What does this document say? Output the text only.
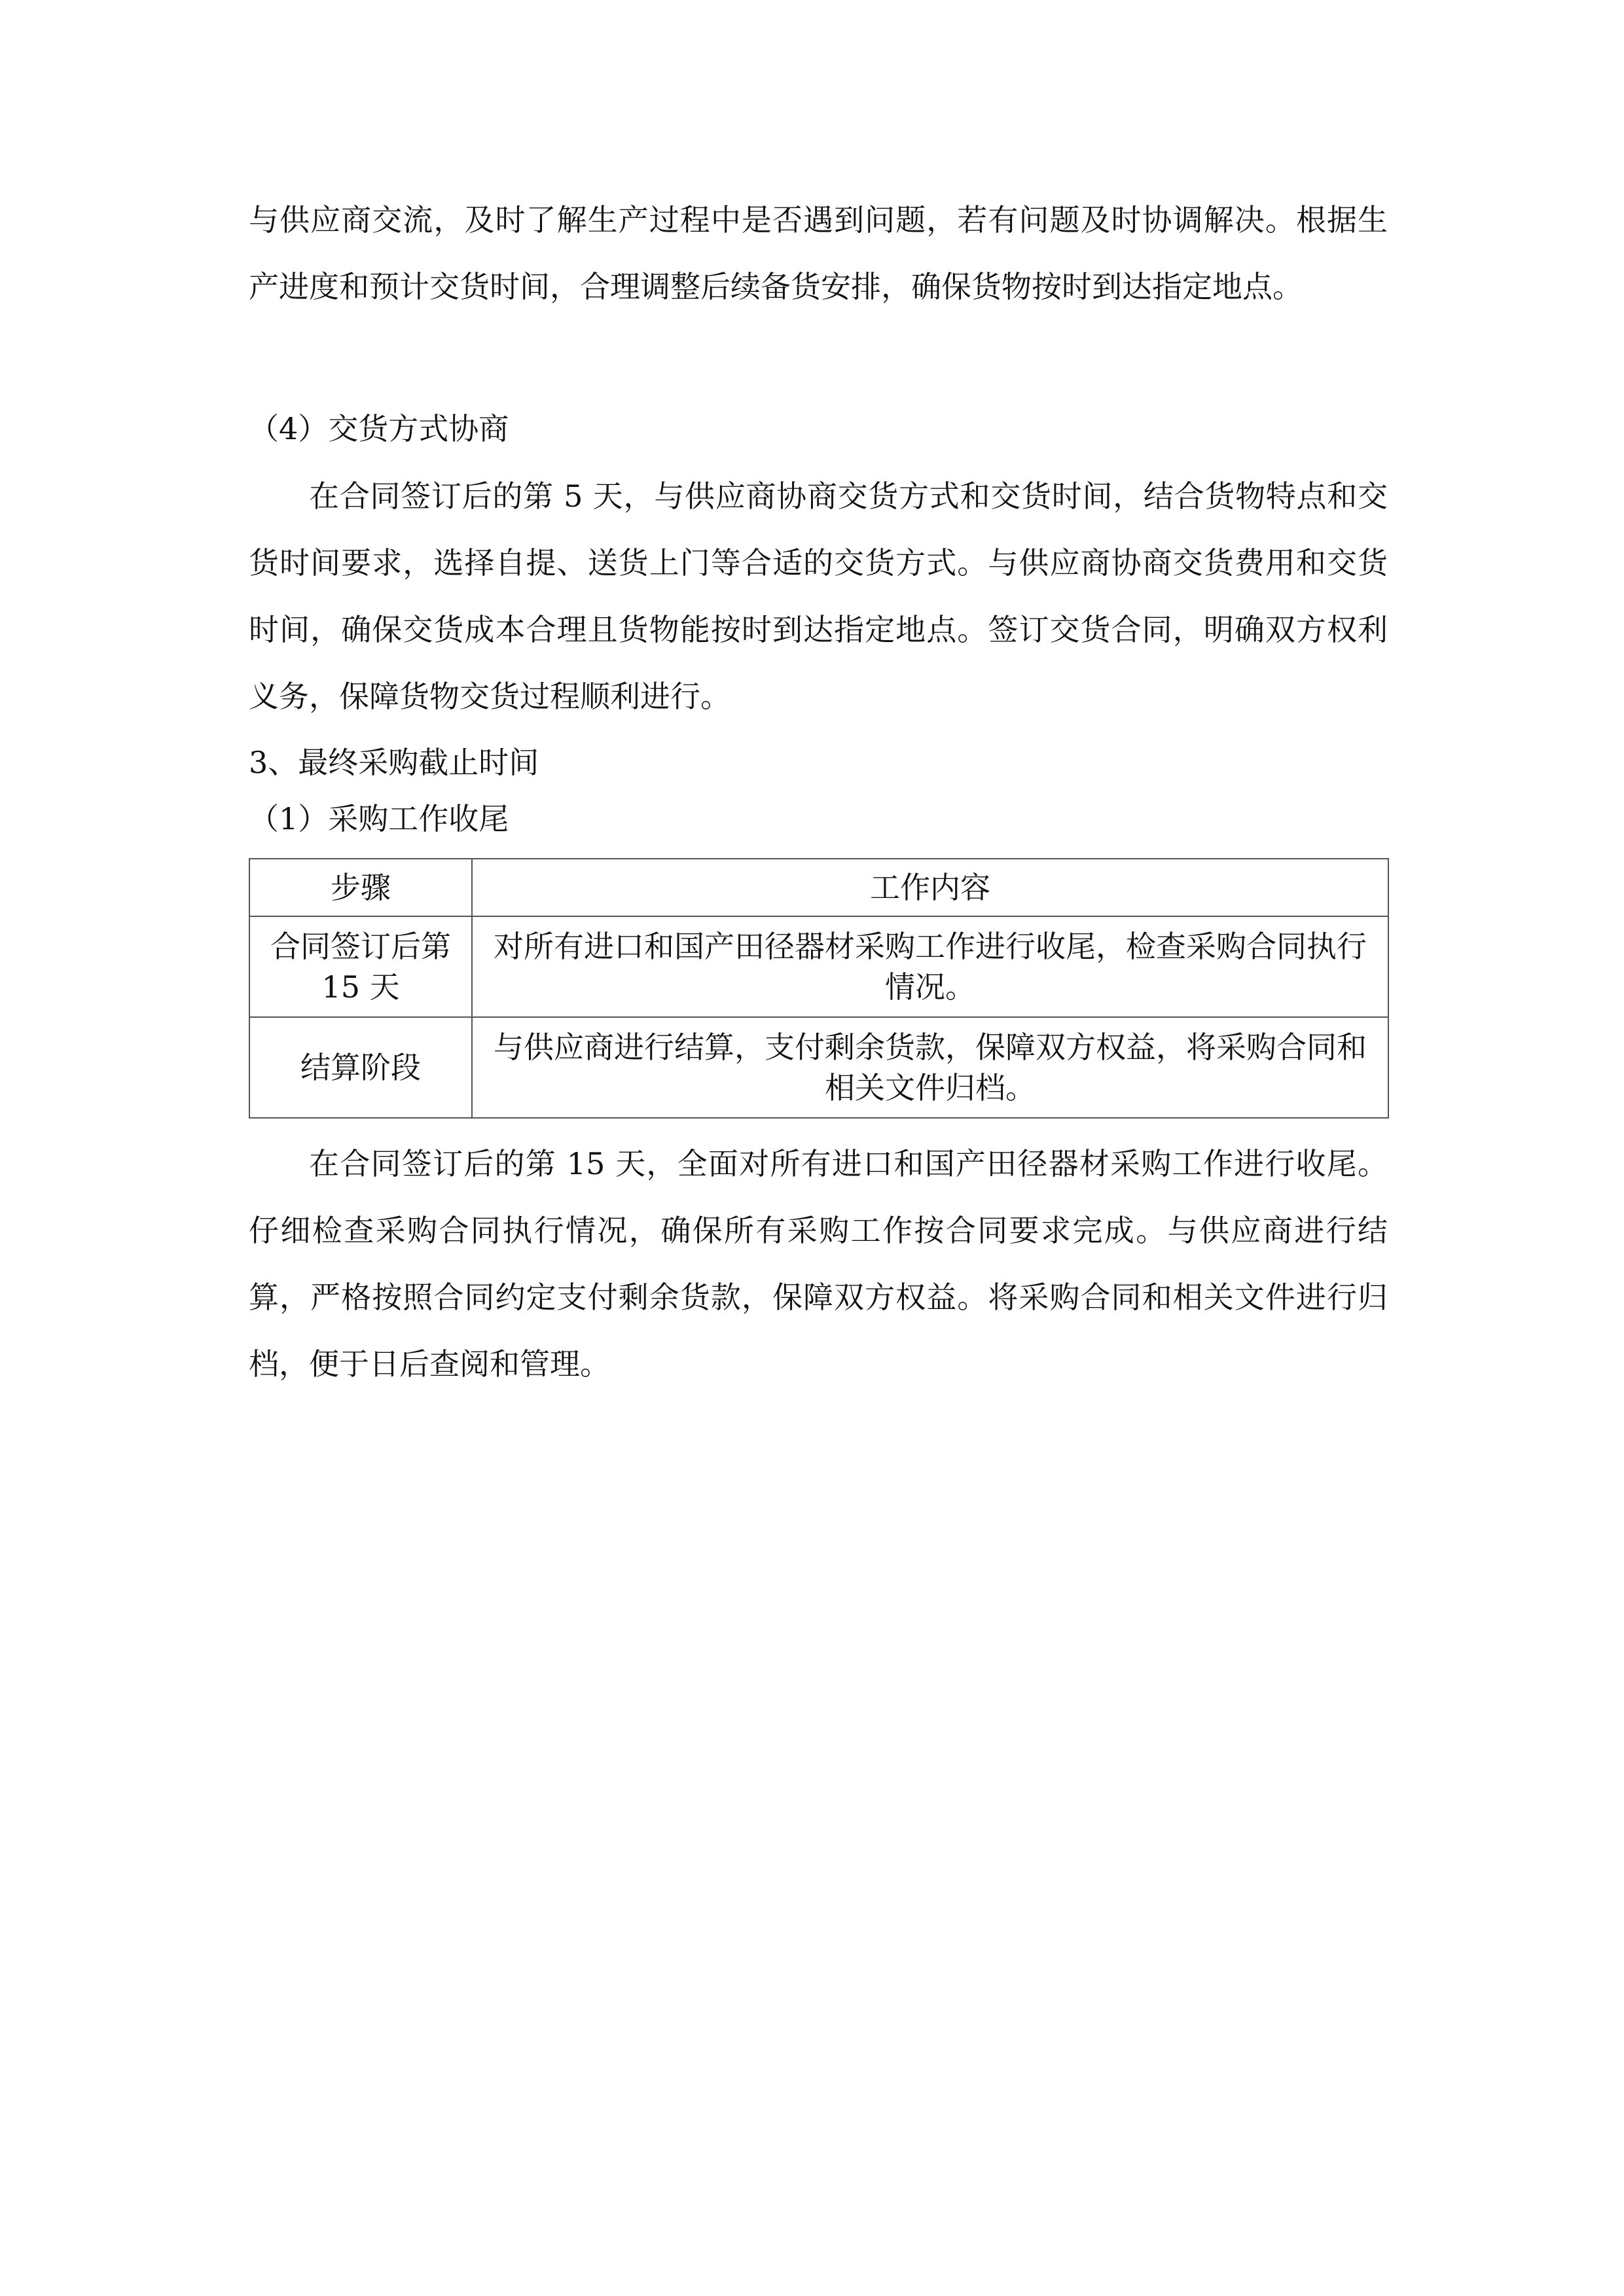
与供应商交流，及时了解生产过程中是否遇到问题，若有问题及时协调解决。根据生产进度和预计交货时间，合理调整后续备货安排，确保货物按时到达指定地点。

（4）交货方式协商

在合同签订后的第 5 天，与供应商协商交货方式和交货时间，结合货物特点和交货时间要求，选择自提、送货上门等合适的交货方式。与供应商协商交货费用和交货时间，确保交货成本合理且货物能按时到达指定地点。签订交货合同，明确双方权利义务，保障货物交货过程顺利进行。

3、最终采购截止时间
（1）采购工作收尾
步骤	工作内容
合同签订后第 15 天	对所有进口和国产田径器材采购工作进行收尾，检查采购合同执行情况。
结算阶段	与供应商进行结算，支付剩余货款，保障双方权益，将采购合同和相关文件归档。

在合同签订后的第 15 天，全面对所有进口和国产田径器材采购工作进行收尾。仔细检查采购合同执行情况，确保所有采购工作按合同要求完成。与供应商进行结算，严格按照合同约定支付剩余货款，保障双方权益。将采购合同和相关文件进行归档，便于日后查阅和管理。
